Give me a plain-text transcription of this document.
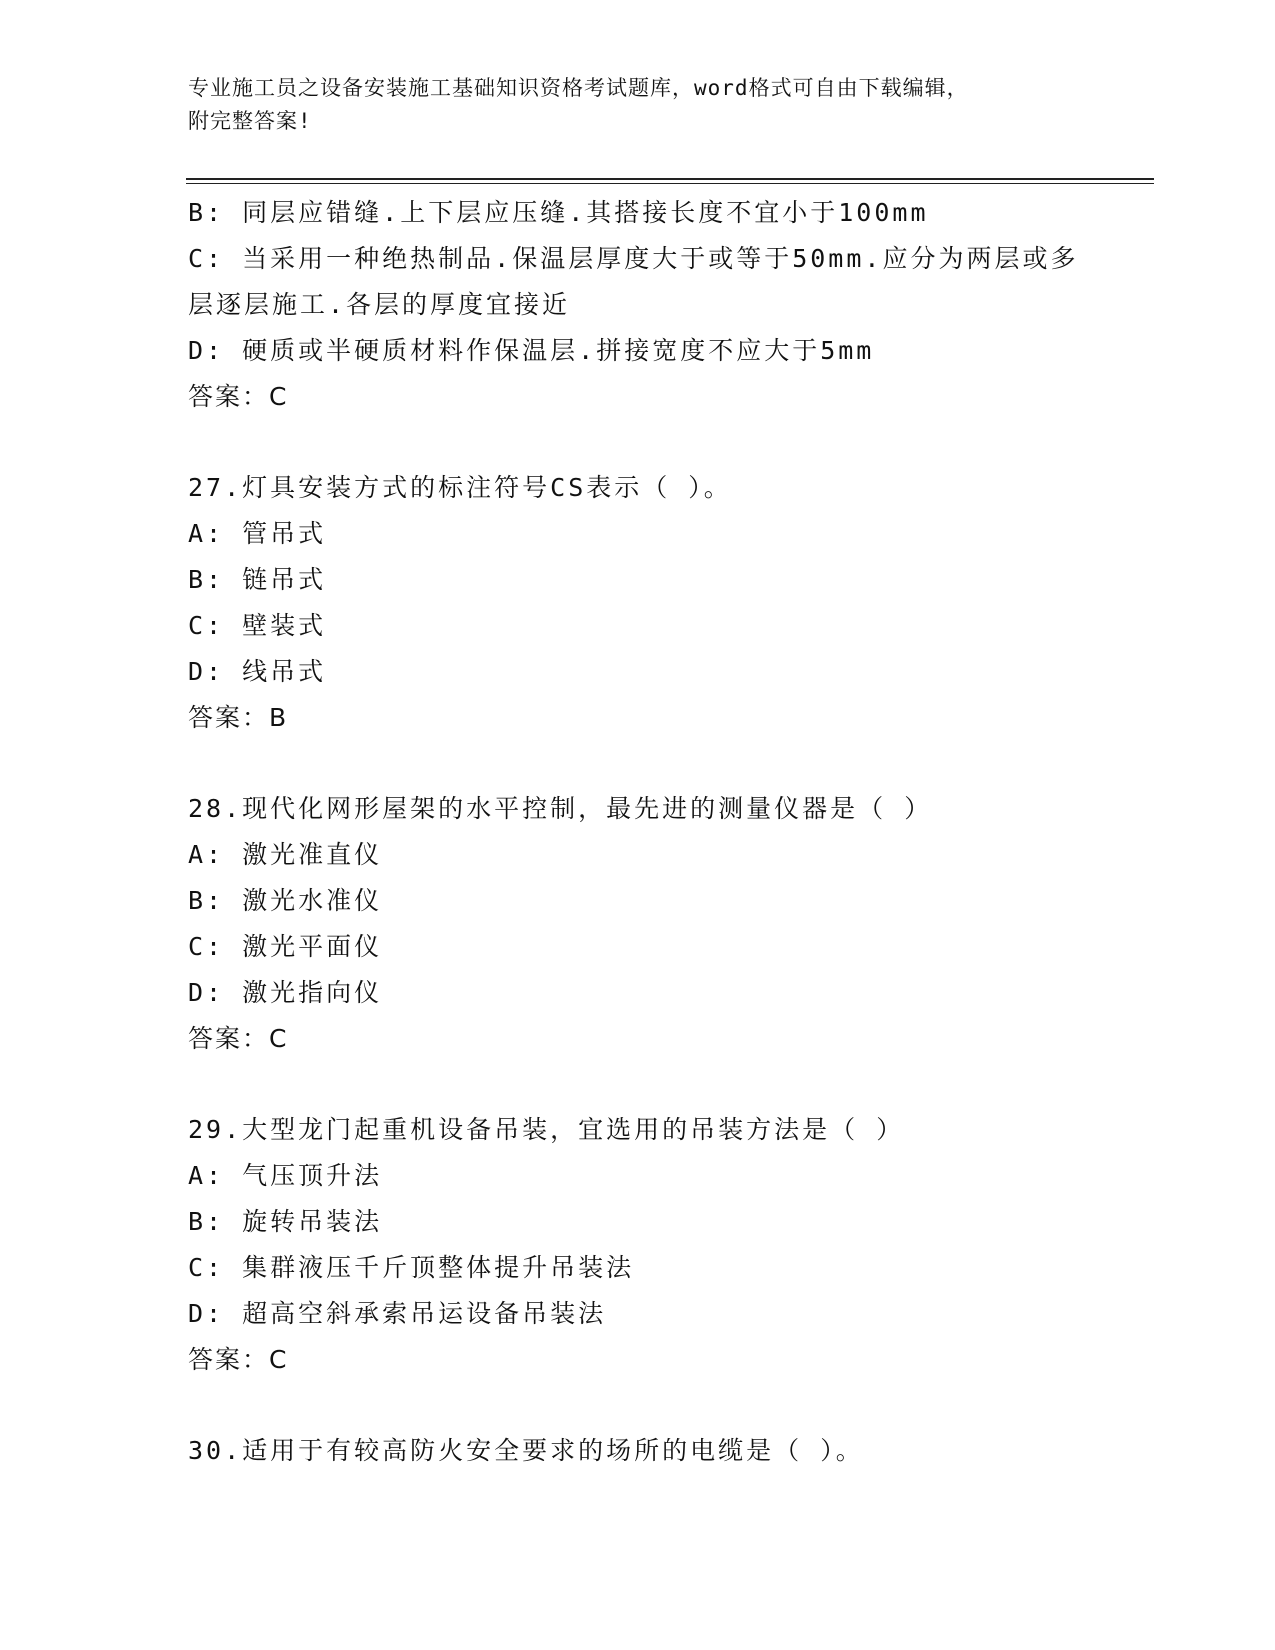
专业施工员之设备安装施工基础知识资格考试题库，word格式可自由下载编辑，
附完整答案!
B: 同层应错缝.上下层应压缝.其搭接长度不宜小于100mm
C: 当采用一种绝热制品.保温层厚度大于或等于50mm.应分为两层或多
层逐层施工.各层的厚度宜接近
D: 硬质或半硬质材料作保温层.拼接宽度不应大于5mm
答案：C
27.灯具安装方式的标注符号CS表示（ ）。
A: 管吊式
B: 链吊式
C: 壁装式
D: 线吊式
答案：B
28.现代化网形屋架的水平控制，最先进的测量仪器是（ ）
A: 激光准直仪
B: 激光水准仪
C: 激光平面仪
D: 激光指向仪
答案：C
29.大型龙门起重机设备吊装，宜选用的吊装方法是（ ）
A: 气压顶升法
B: 旋转吊装法
C: 集群液压千斤顶整体提升吊装法
D: 超高空斜承索吊运设备吊装法
答案：C
30.适用于有较高防火安全要求的场所的电缆是（ ）。
